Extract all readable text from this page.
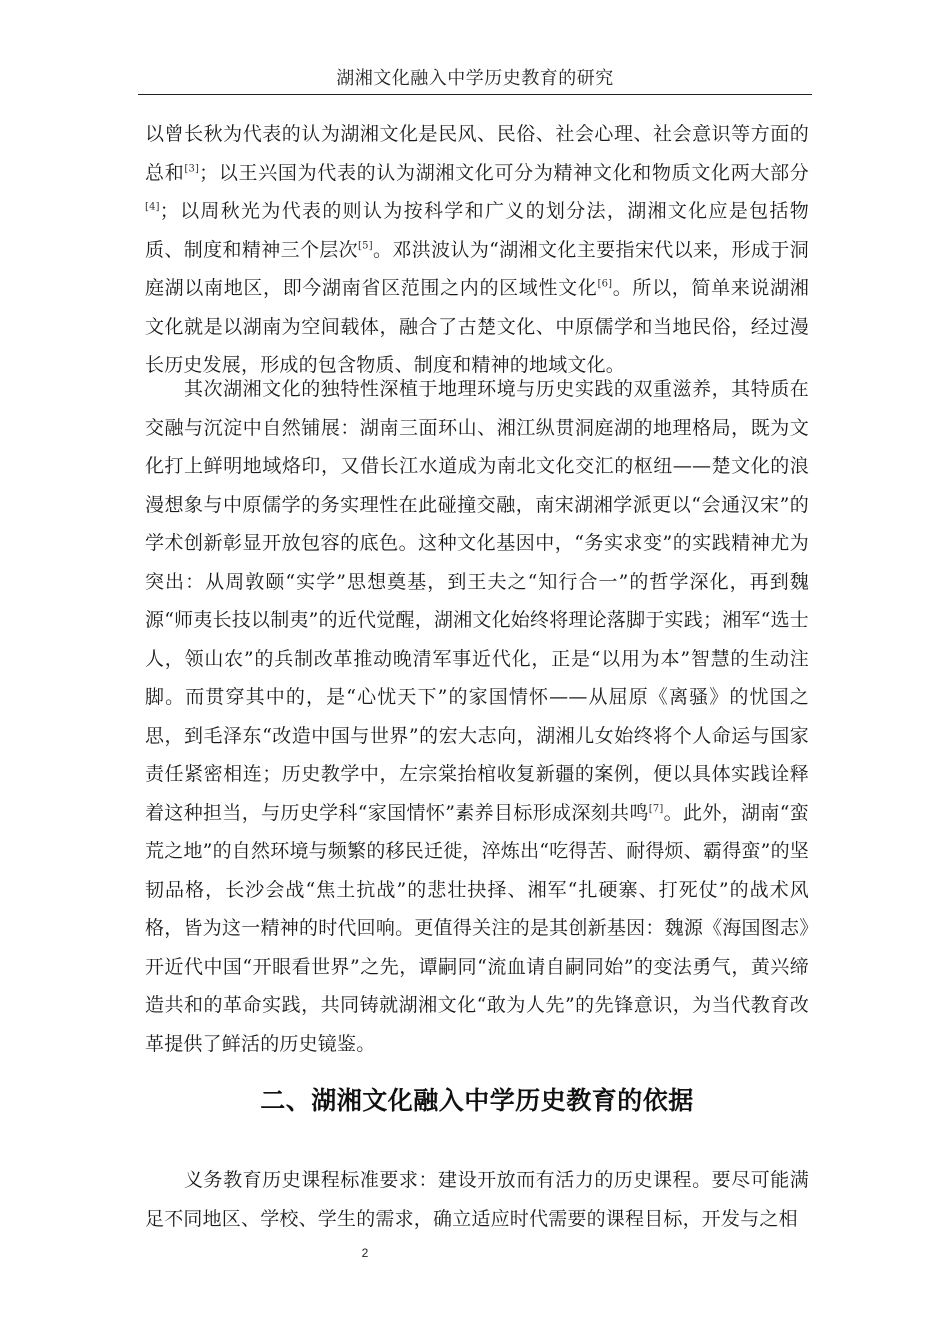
湖湘文化融入中学历史教育的研究

以曾长秋为代表的认为湖湘文化是民风、民俗、社会心理、社会意识等方面的总和[3]；以王兴国为代表的认为湖湘文化可分为精神文化和物质文化两大部分[4]；以周秋光为代表的则认为按科学和广义的划分法，湖湘文化应是包括物质、制度和精神三个层次[5]。邓洪波认为“湖湘文化主要指宋代以来，形成于洞庭湖以南地区，即今湖南省区范围之内的区域性文化[6]。所以，简单来说湖湘文化就是以湖南为空间载体，融合了古楚文化、中原儒学和当地民俗，经过漫长历史发展，形成的包含物质、制度和精神的地域文化。

其次湖湘文化的独特性深植于地理环境与历史实践的双重滋养，其特质在交融与沉淀中自然铺展：湖南三面环山、湘江纵贯洞庭湖的地理格局，既为文化打上鲜明地域烙印，又借长江水道成为南北文化交汇的枢纽——楚文化的浪漫想象与中原儒学的务实理性在此碰撞交融，南宋湖湘学派更以“会通汉宋”的学术创新彰显开放包容的底色。这种文化基因中，“务实求变”的实践精神尤为突出：从周敦颐“实学”思想奠基，到王夫之“知行合一”的哲学深化，再到魏源“师夷长技以制夷”的近代觉醒，湖湘文化始终将理论落脚于实践；湘军“选士人，领山农”的兵制改革推动晚清军事近代化，正是“以用为本”智慧的生动注脚。而贯穿其中的，是“心忧天下”的家国情怀——从屈原《离骚》的忧国之思，到毛泽东“改造中国与世界”的宏大志向，湖湘儿女始终将个人命运与国家责任紧密相连；历史教学中，左宗棠抬棺收复新疆的案例，便以具体实践诠释着这种担当，与历史学科“家国情怀”素养目标形成深刻共鸣[7]。此外，湖南“蛮荒之地”的自然环境与频繁的移民迁徙，淬炼出“吃得苦、耐得烦、霸得蛮”的坚韧品格，长沙会战“焦土抗战”的悲壮抉择、湘军“扎硬寨、打死仗”的战术风格，皆为这一精神的时代回响。更值得关注的是其创新基因：魏源《海国图志》开近代中国“开眼看世界”之先，谭嗣同“流血请自嗣同始”的变法勇气，黄兴缔造共和的革命实践，共同铸就湖湘文化“敢为人先”的先锋意识，为当代教育改革提供了鲜活的历史镜鉴。

二、湖湘文化融入中学历史教育的依据

义务教育历史课程标准要求：建设开放而有活力的历史课程。要尽可能满足不同地区、学校、学生的需求，确立适应时代需要的课程目标，开发与之相

2
